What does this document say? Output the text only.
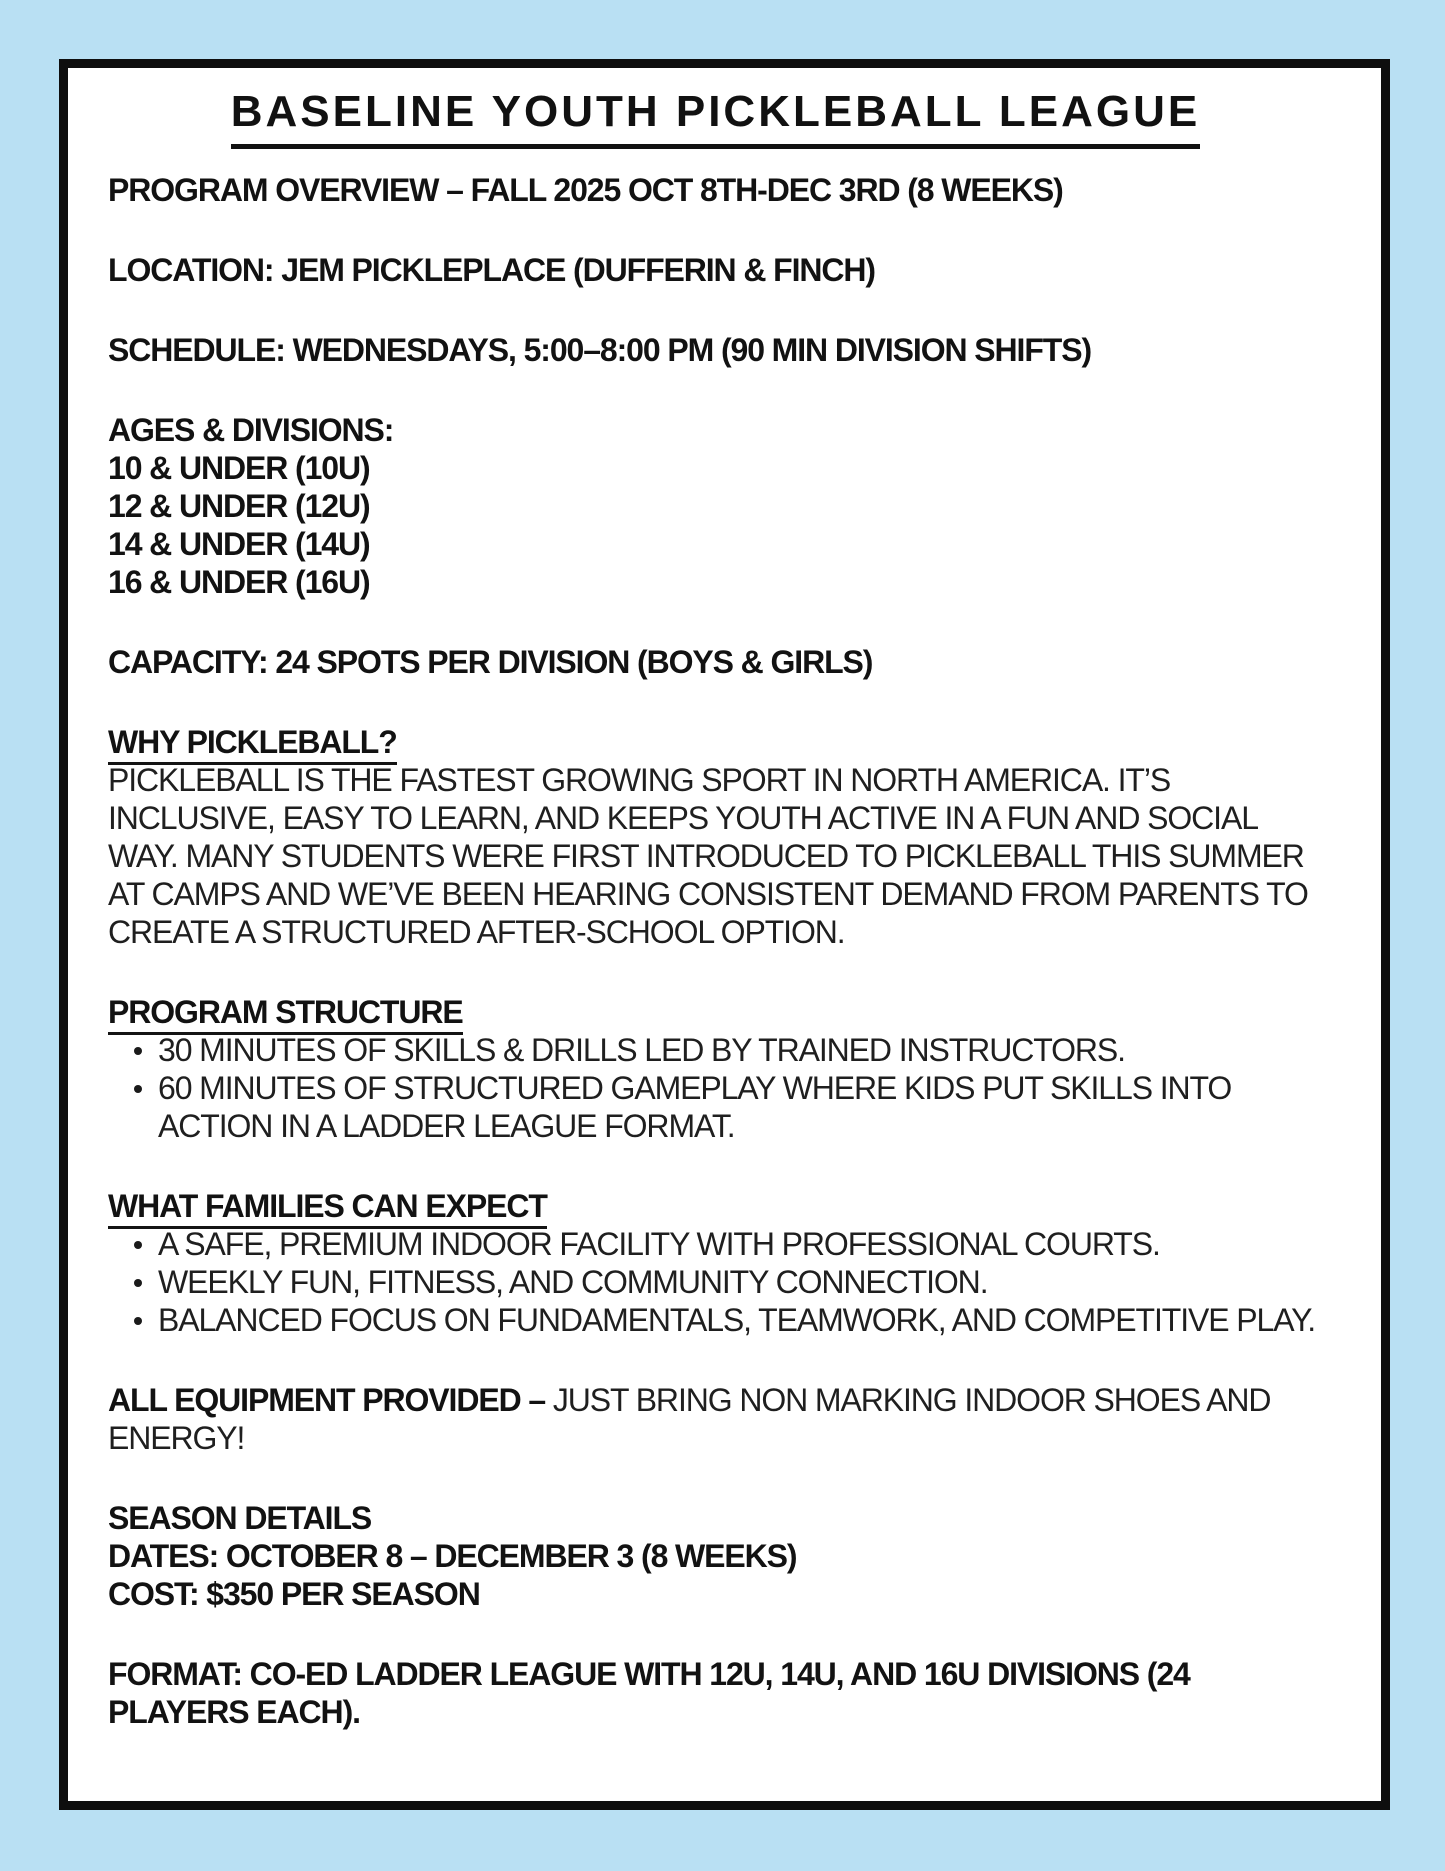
BASELINE YOUTH PICKLEBALL LEAGUE

PROGRAM OVERVIEW – FALL 2025 OCT 8TH-DEC 3RD (8 WEEKS)

LOCATION: JEM PICKLEPLACE (DUFFERIN & FINCH)

SCHEDULE: WEDNESDAYS, 5:00–8:00 PM (90 MIN DIVISION SHIFTS)

AGES & DIVISIONS:

10 & UNDER (10U)

12 & UNDER (12U)

14 & UNDER (14U)

16 & UNDER (16U)

CAPACITY: 24 SPOTS PER DIVISION (BOYS & GIRLS)

WHY PICKLEBALL?

PICKLEBALL IS THE FASTEST GROWING SPORT IN NORTH AMERICA. IT’S INCLUSIVE, EASY TO LEARN, AND KEEPS YOUTH ACTIVE IN A FUN AND SOCIAL WAY. MANY STUDENTS WERE FIRST INTRODUCED TO PICKLEBALL THIS SUMMER AT CAMPS AND WE’VE BEEN HEARING CONSISTENT DEMAND FROM PARENTS TO CREATE A STRUCTURED AFTER-SCHOOL OPTION.

PROGRAM STRUCTURE

30 MINUTES OF SKILLS & DRILLS LED BY TRAINED INSTRUCTORS.
60 MINUTES OF STRUCTURED GAMEPLAY WHERE KIDS PUT SKILLS INTO ACTION IN A LADDER LEAGUE FORMAT.

WHAT FAMILIES CAN EXPECT

A SAFE, PREMIUM INDOOR FACILITY WITH PROFESSIONAL COURTS.
WEEKLY FUN, FITNESS, AND COMMUNITY CONNECTION.
BALANCED FOCUS ON FUNDAMENTALS, TEAMWORK, AND COMPETITIVE PLAY.

ALL EQUIPMENT PROVIDED – JUST BRING NON MARKING INDOOR SHOES AND ENERGY!

SEASON DETAILS

DATES: OCTOBER 8 – DECEMBER 3 (8 WEEKS)

COST: $350 PER SEASON

FORMAT: CO-ED LADDER LEAGUE WITH 12U, 14U, AND 16U DIVISIONS (24 PLAYERS EACH).
